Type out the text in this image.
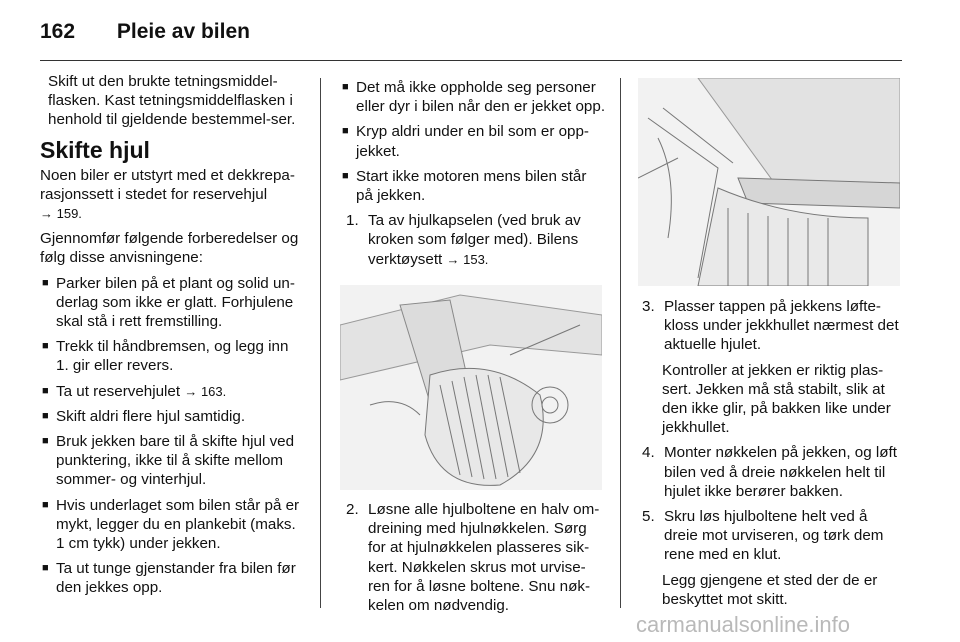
162 Pleie av bilen

Skift ut den brukte tetningsmiddel-flasken. Kast tetningsmiddelflasken i henhold til gjeldende bestemmel-ser.

Skifte hjul

Noen biler er utstyrt med et dekkrepa-rasjonssett i stedet for reservehjul
→ 159.

Gjennomfør følgende forberedelser og følg disse anvisningene:

■ Parker bilen på et plant og solid un-derlag som ikke er glatt. Forhjulene skal stå i rett fremstilling.
■ Trekk til håndbremsen, og legg inn 1. gir eller revers.
■ Ta ut reservehjulet → 163.
■ Skift aldri flere hjul samtidig.
■ Bruk jekken bare til å skifte hjul ved punktering, ikke til å skifte mellom sommer- og vinterhjul.
■ Hvis underlaget som bilen står på er mykt, legger du en plankebit (maks. 1 cm tykk) under jekken.
■ Ta ut tunge gjenstander fra bilen før den jekkes opp.
■ Det må ikke oppholde seg personer eller dyr i bilen når den er jekket opp.
■ Kryp aldri under en bil som er opp-jekket.
■ Start ikke motoren mens bilen står på jekken.
1. Ta av hjulkapselen (ved bruk av kroken som følger med). Bilens verktøysett → 153.
2. Løsne alle hjulboltene en halv om-dreining med hjulnøkkelen. Sørg for at hjulnøkkelen plasseres sik-kert. Nøkkelen skrus mot urvise-ren for å løsne boltene. Snu nøk-kelen om nødvendig.
3. Plasser tappen på jekkens løfte-kloss under jekkhullet nærmest det aktuelle hjulet.

Kontroller at jekken er riktig plas-sert. Jekken må stå stabilt, slik at den ikke glir, på bakken like under jekkhullet.

4. Monter nøkkelen på jekken, og løft bilen ved å dreie nøkkelen helt til hjulet ikke berører bakken.
5. Skru løs hjulboltene helt ved å dreie mot urviseren, og tørk dem rene med en klut.

Legg gjengene et sted der de er beskyttet mot skitt.

carmanualsonline.info
